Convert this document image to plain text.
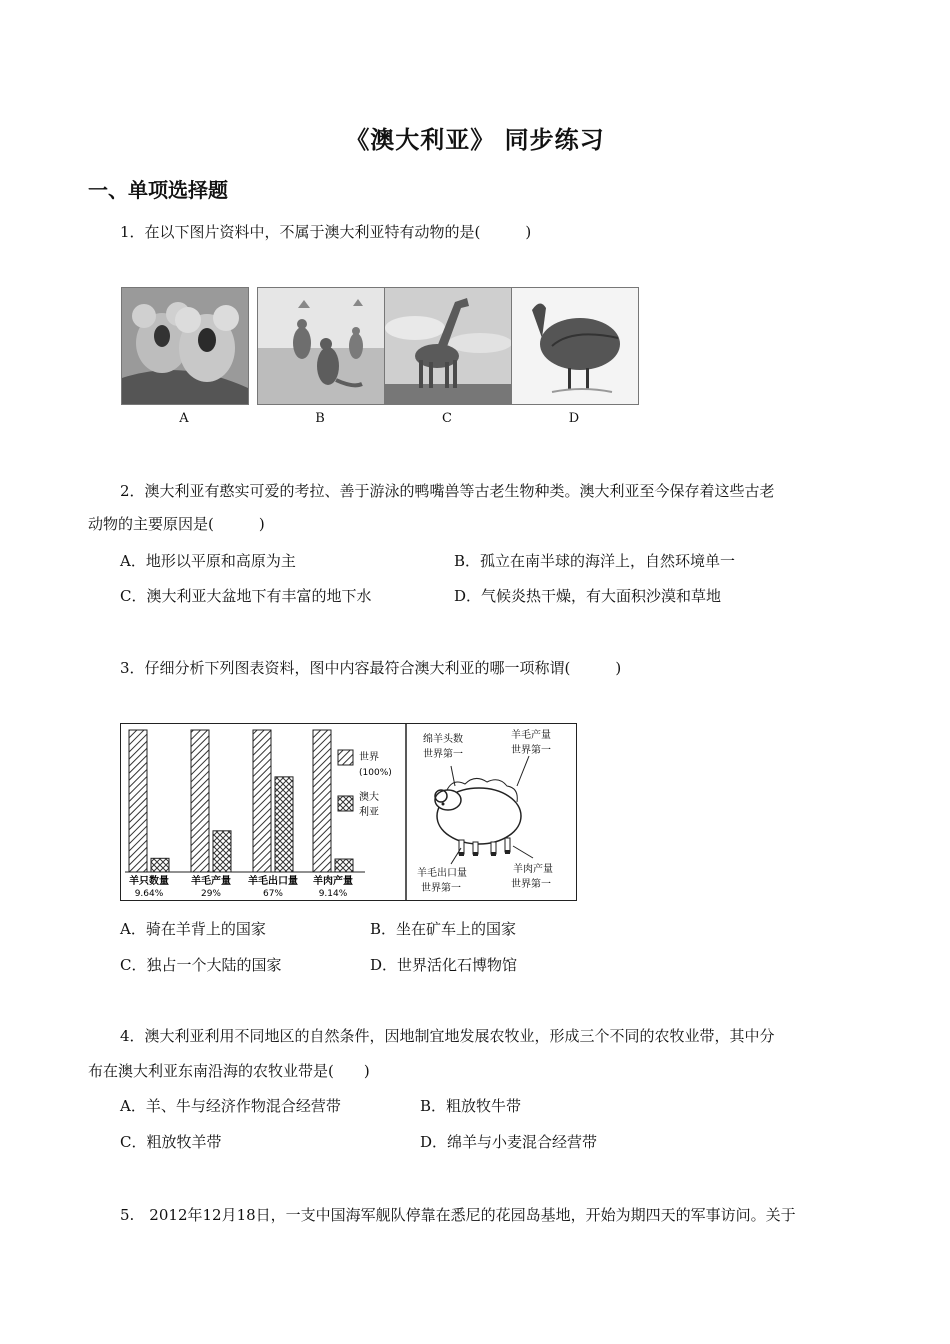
《澳大利亚》 同步练习
一、单项选择题
1．在以下图片资料中，不属于澳大利亚特有动物的是(　　　)
A	B	C	D
2．澳大利亚有憨实可爱的考拉、善于游泳的鸭嘴兽等古老生物种类。澳大利亚至今保存着这些古老
动物的主要原因是(　　　)
A．地形以平原和高原为主	B．孤立在南半球的海洋上，自然环境单一
C．澳大利亚大盆地下有丰富的地下水	D．气候炎热干燥，有大面积沙漠和草地
3．仔细分析下列图表资料，图中内容最符合澳大利亚的哪一项称谓(　　　)
羊只数量
9.64%
羊毛产量
29%
羊毛出口量
67%
羊肉产量
9.14%
世界
(100%)
澳大
利亚
绵羊头数
世界第一
羊毛产量
世界第一
羊毛出口量
世界第一
羊肉产量
世界第一
A．骑在羊背上的国家	B．坐在矿车上的国家
C．独占一个大陆的国家	D．世界活化石博物馆
4．澳大利亚利用不同地区的自然条件，因地制宜地发展农牧业，形成三个不同的农牧业带，其中分
布在澳大利亚东南沿海的农牧业带是(　　)
A．羊、牛与经济作物混合经营带	B．粗放牧牛带
C．粗放牧羊带	D．绵羊与小麦混合经营带
5.　2012年12月18日，一支中国海军舰队停靠在悉尼的花园岛基地，开始为期四天的军事访问。关于
